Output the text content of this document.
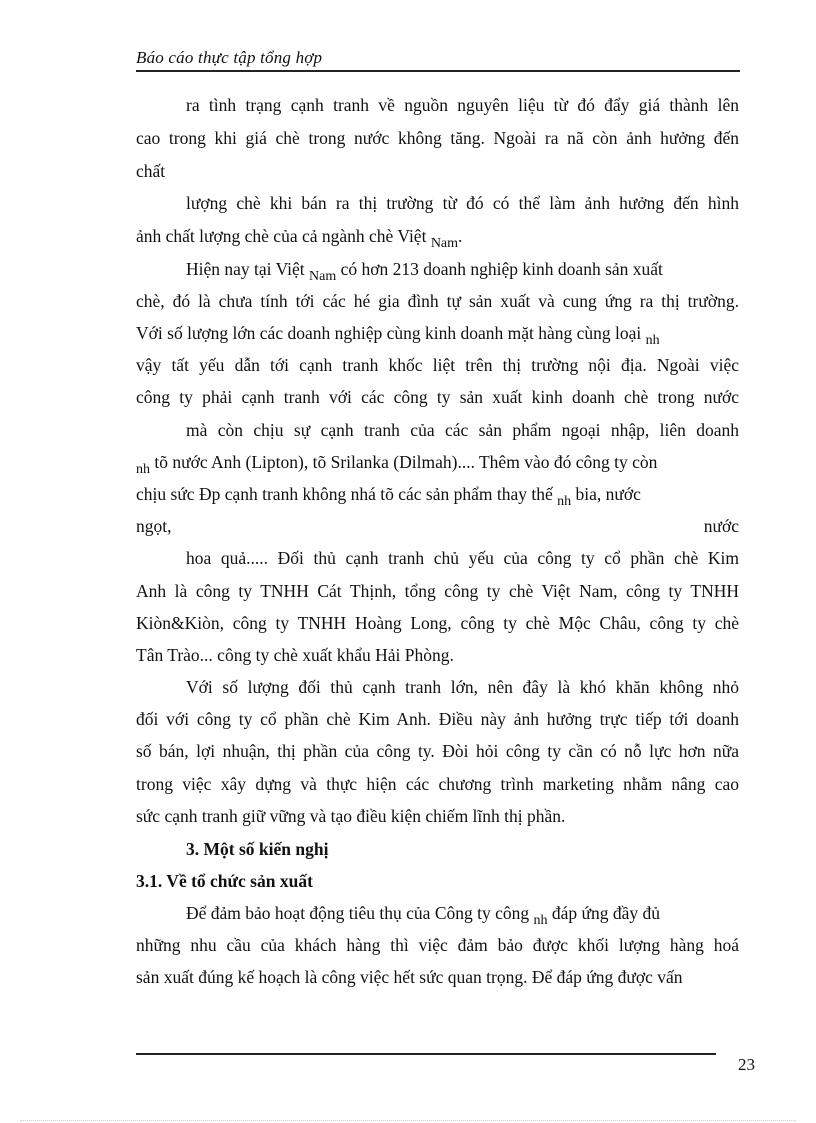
Báo cáo thực tập tổng hợp
ra tình trạng cạnh tranh về nguồn nguyên liệu từ đó đẩy giá thành lên
cao trong khi giá chè trong nước không tăng. Ngoài ra nã còn ảnh hưởng đến
chất
lượng chè khi bán ra thị trường từ đó có thể làm ảnh hưởng đến hình
ảnh chất lượng chè của cả ngành chè Việt $_{Nam}$.
Hiện nay tại Việt $_{Nam}$ có hơn 213 doanh nghiệp kinh doanh sản xuất
chè, đó là chưa tính tới các hé gia đình tự sản xuất và cung ứng ra thị trường.
Với số lượng lớn các doanh nghiệp cùng kinh doanh mặt hàng cùng loại $_{nh}$
vậy tất yếu dẫn tới cạnh tranh khốc liệt trên thị trường nội địa. Ngoài việc
công ty phải cạnh tranh với các công ty sản xuất kinh doanh chè trong nước
mà còn chịu sự cạnh tranh của các sản phẩm ngoại nhập, liên doanh
$_{nh}$ tõ nước Anh (Lipton), tõ Srilanka (Dilmah).... Thêm vào đó công ty còn
chịu sức Ðp cạnh tranh không nhá tõ các sản phẩm thay thế $_{nh}$ bia, nước
ngọt,	nước
hoa quả..... Đối thủ cạnh tranh chủ yếu của công ty cổ phần chè Kim
Anh là công ty TNHH Cát Thịnh, tổng công ty chè Việt Nam, công ty TNHH
Kiòn&Kiòn, công ty TNHH Hoàng Long, công ty chè Mộc Châu, công ty chè
Tân Trào... công ty chè xuất khẩu Hải Phòng.
Với số lượng đối thủ cạnh tranh lớn, nên đây là khó khăn không nhỏ
đối với công ty cổ phần chè Kim Anh. Điều này ảnh hưởng trực tiếp tới doanh
số bán, lợi nhuận, thị phần của công ty. Đòi hỏi công ty cần có nỗ lực hơn nữa
trong việc xây dựng và thực hiện các chương trình marketing nhằm nâng cao
sức cạnh tranh giữ vững và tạo điều kiện chiếm lĩnh thị phần.
3. Một số kiến nghị
3.1. Về tổ chức sản xuất
Để đảm bảo hoạt động tiêu thụ của Công ty công $_{nh}$ đáp ứng đầy đủ
những nhu cầu của khách hàng thì việc đảm bảo được khối lượng hàng hoá
sản xuất đúng kế hoạch là công việc hết sức quan trọng. Để đáp ứng được vấn
23
